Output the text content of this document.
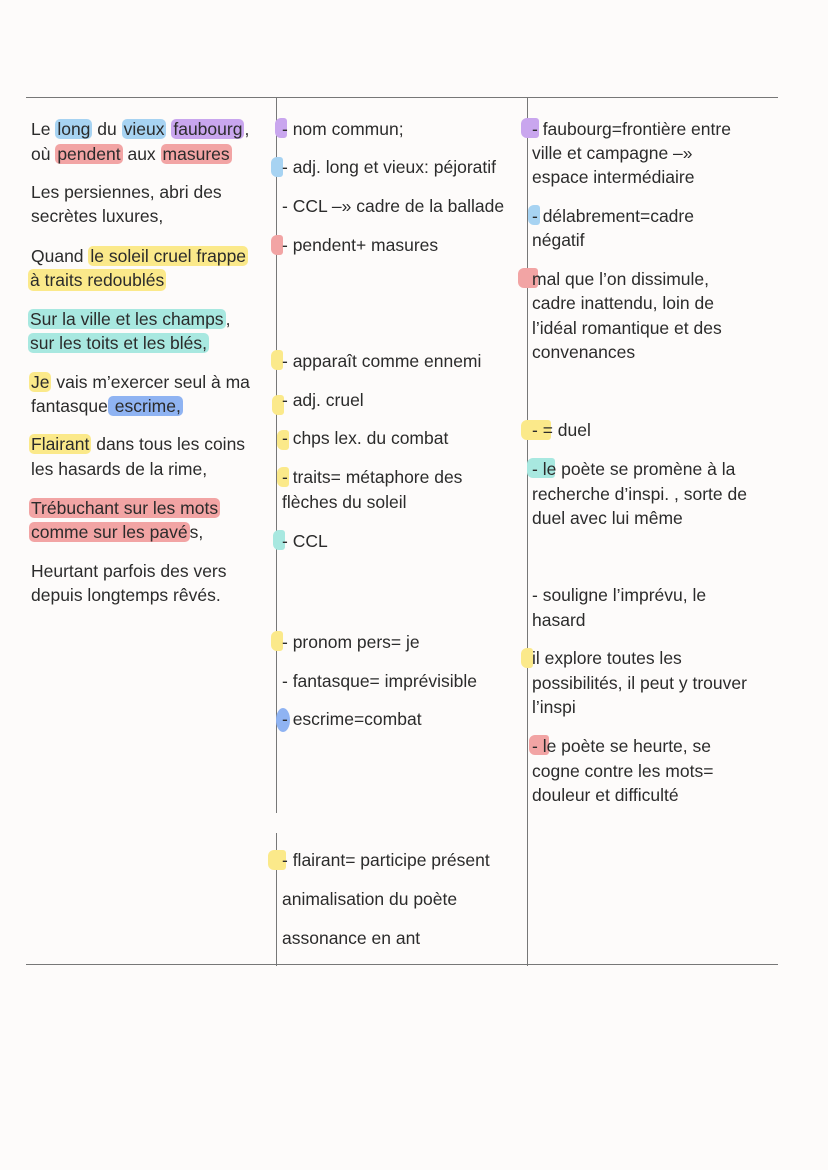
Le long du vieux faubourg ,
où pendent aux masures
Les persiennes, abri des
secrètes luxures,
Quand le soleil cruel frappe
à traits redoublés
Sur la ville et les champs ,
sur les toits et les blés,
Je vais m’exercer seul à ma
fantasque escrime,
Flairant dans tous les coins
les hasards de la rime,
Trébuchant sur les mots
comme sur les pavé s,
Heurtant parfois des vers
depuis longtemps rêvés.
- nom commun;
- adj. long et vieux: péjoratif
- CCL –» cadre de la ballade
- pendent+ masures
- apparaît comme ennemi
- adj. cruel
- chps lex. du combat
- traits= métaphore des
flèches du soleil
- CCL
- pronom pers= je
- fantasque= imprévisible
- escrime=combat
- flairant= participe présent
animalisation du poète
assonance en ant
- faubourg=frontière entre
ville et campagne –»
espace intermédiaire
- délabrement=cadre
négatif
mal que l’on dissimule,
cadre inattendu, loin de
l’idéal romantique et des
convenances
- = duel
- le poète se promène à la
recherche d’inspi. , sorte de
duel avec lui même
- souligne l’imprévu, le
hasard
il explore toutes les
possibilités, il peut y trouver
l’inspi
- le poète se heurte, se
cogne contre les mots=
douleur et difficulté
